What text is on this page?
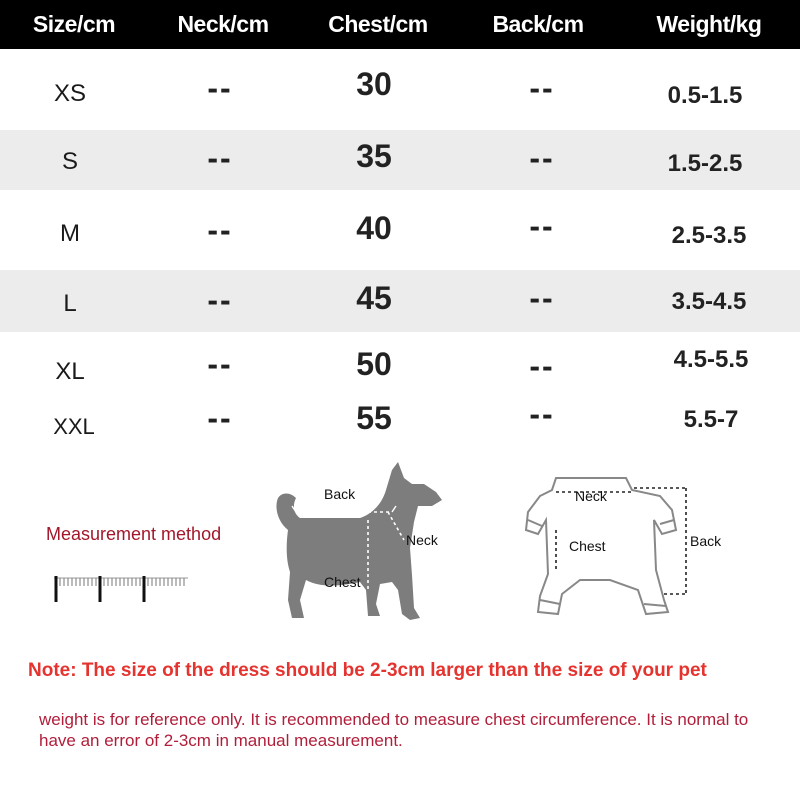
Size/cm	Neck/cm	Chest/cm	Back/cm	Weight/kg
XS	--	30	--	0.5-1.5
S	--	35	--	1.5-2.5
M	--	40	--	2.5-3.5
L	--	45	--	3.5-4.5
XL	--	50	--	4.5-5.5
XXL	--	55	--	5.5-7
Measurement method
Back
Neck
Chest
Neck
Chest	Back
Note: The size of the dress should be 2-3cm larger than the size of your pet
weight is for reference only. It is recommended to measure chest circumference. It is normal to have an error of 2-3cm in manual measurement.
